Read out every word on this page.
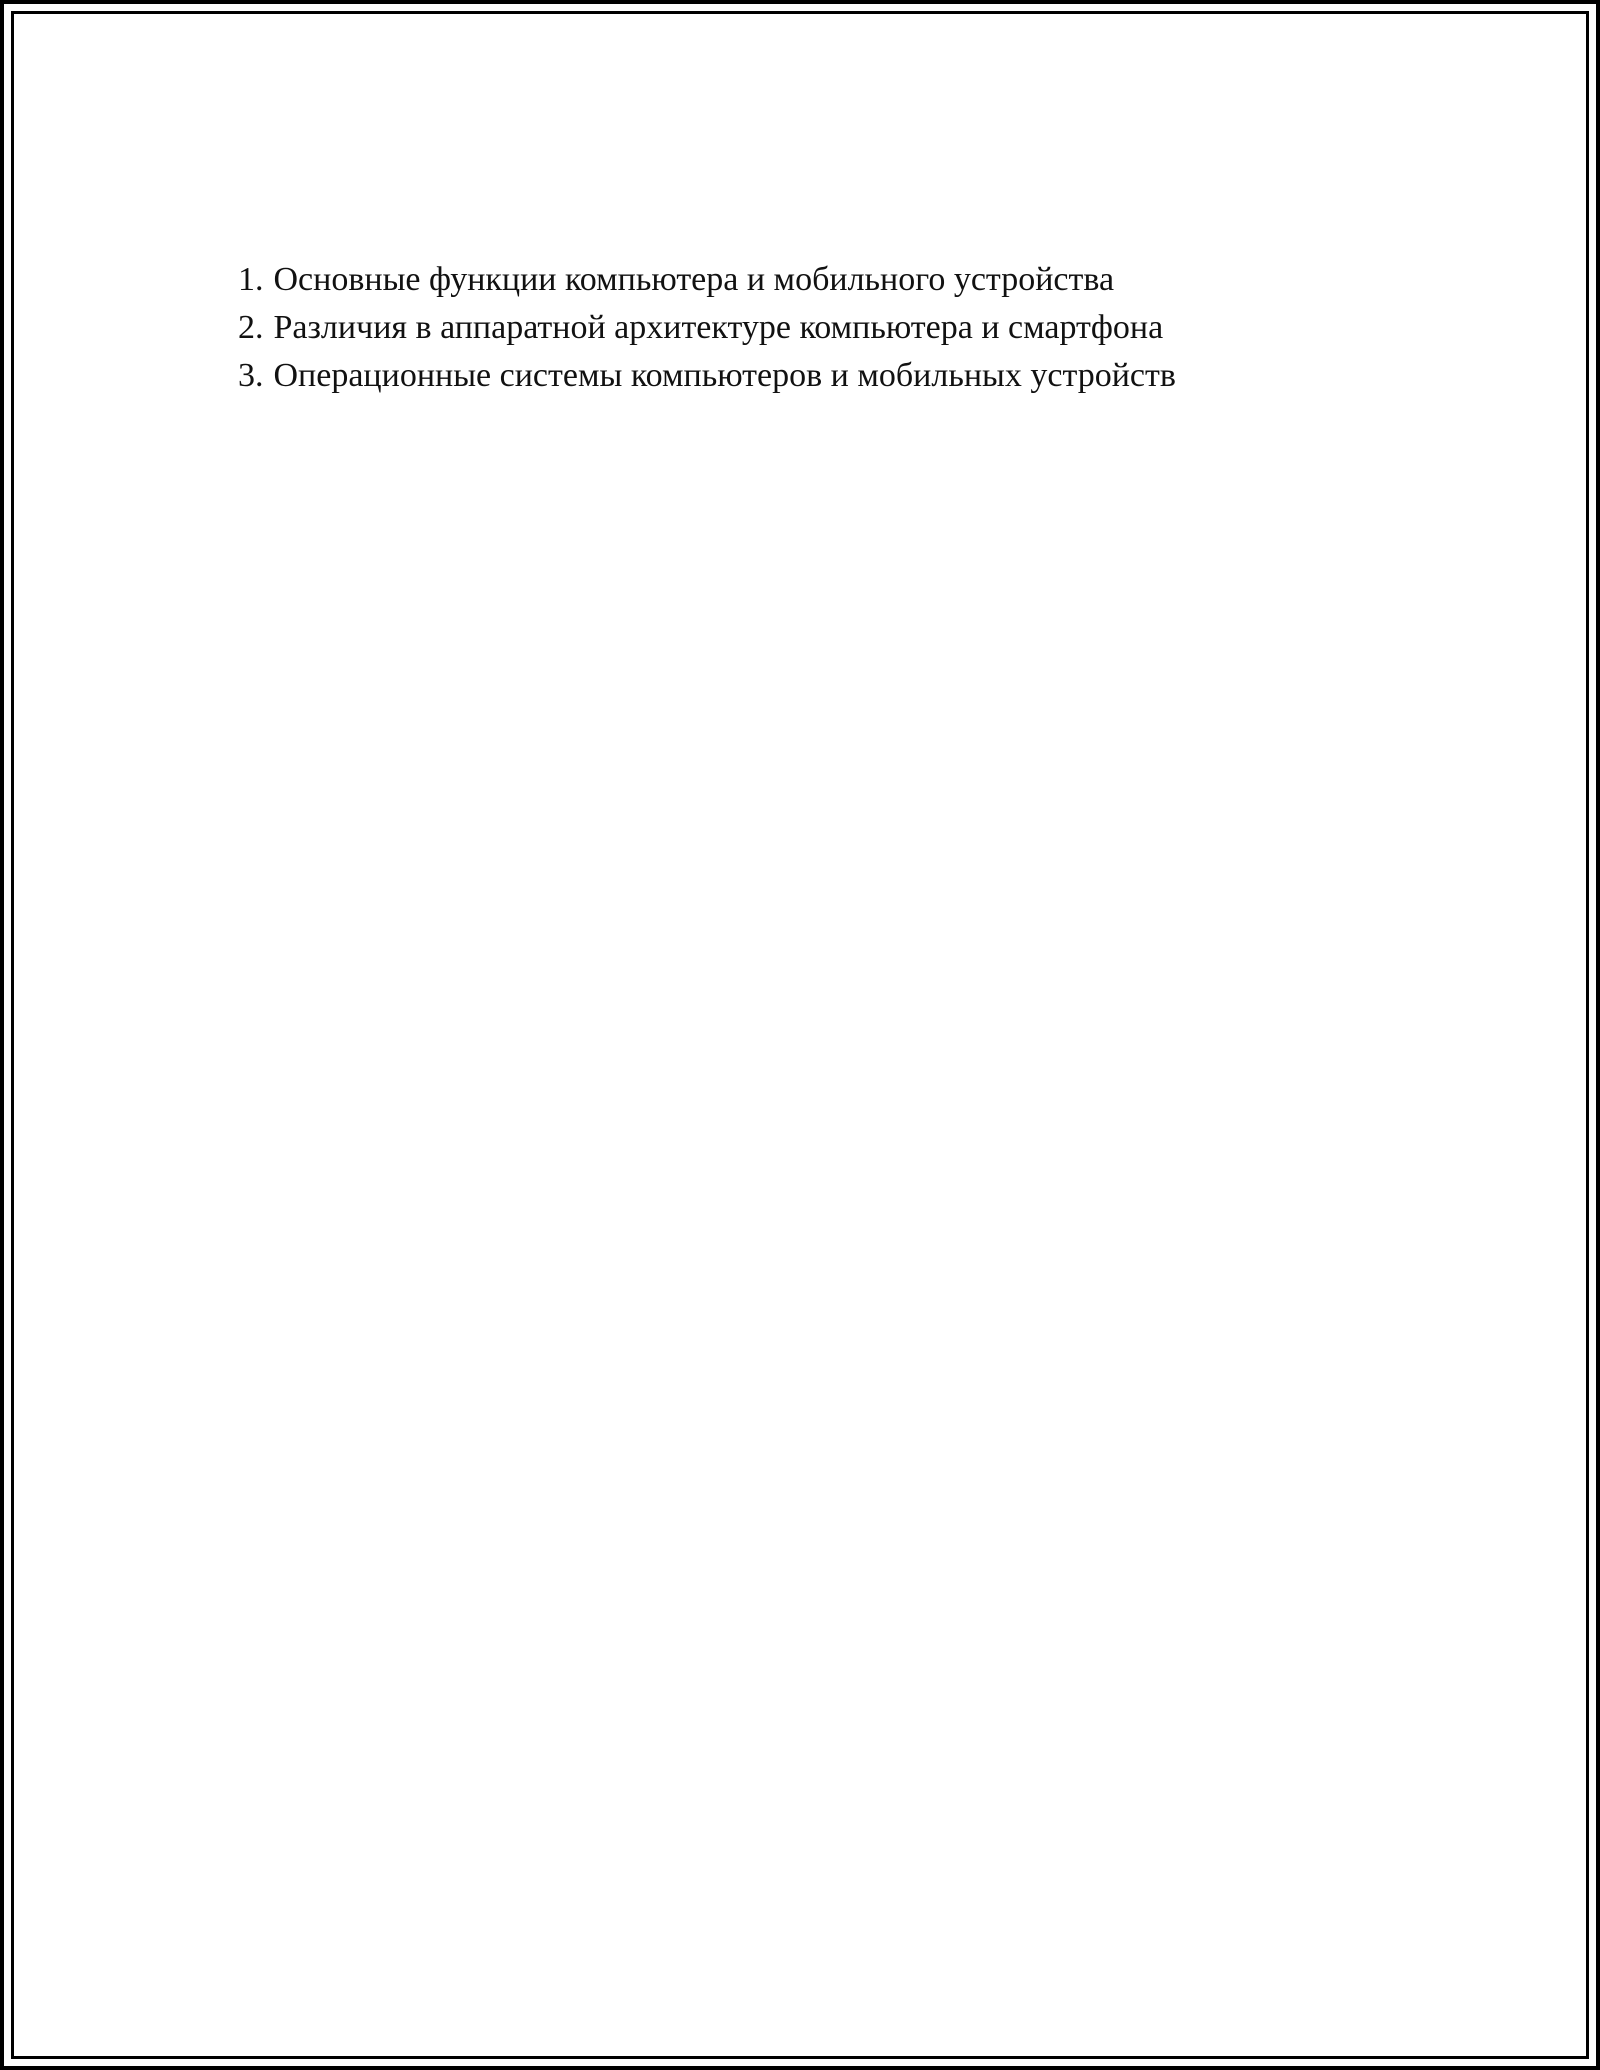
1. Основные функции компьютера и мобильного устройства
2. Различия в аппаратной архитектуре компьютера и смартфона
3. Операционные системы компьютеров и мобильных устройств
